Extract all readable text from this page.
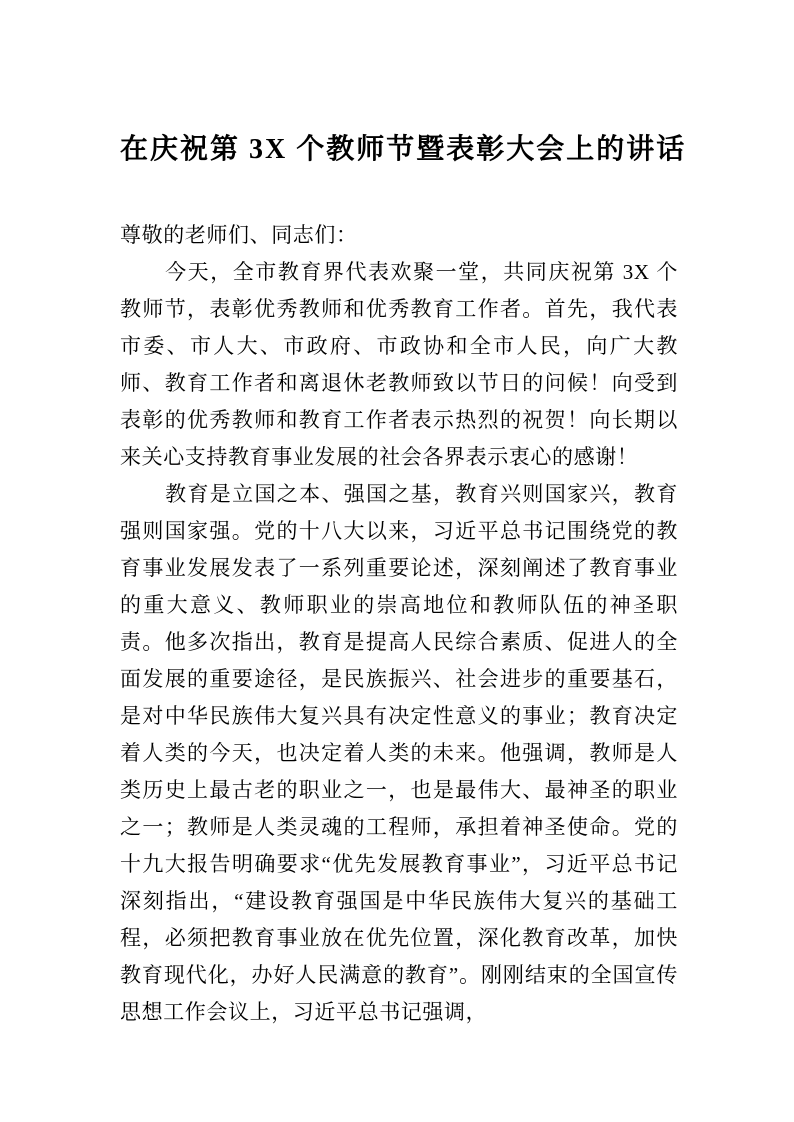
在庆祝第 3X 个教师节暨表彰大会上的讲话

尊敬的老师们、同志们：

今天，全市教育界代表欢聚一堂，共同庆祝第 3X 个教师节，表彰优秀教师和优秀教育工作者。首先，我代表市委、市人大、市政府、市政协和全市人民，向广大教师、教育工作者和离退休老教师致以节日的问候！向受到表彰的优秀教师和教育工作者表示热烈的祝贺！向长期以来关心支持教育事业发展的社会各界表示衷心的感谢！

教育是立国之本、强国之基，教育兴则国家兴，教育强则国家强。党的十八大以来，习近平总书记围绕党的教育事业发展发表了一系列重要论述，深刻阐述了教育事业的重大意义、教师职业的崇高地位和教师队伍的神圣职责。他多次指出，教育是提高人民综合素质、促进人的全面发展的重要途径，是民族振兴、社会进步的重要基石，是对中华民族伟大复兴具有决定性意义的事业；教育决定着人类的今天，也决定着人类的未来。他强调，教师是人类历史上最古老的职业之一，也是最伟大、最神圣的职业之一；教师是人类灵魂的工程师，承担着神圣使命。党的十九大报告明确要求“优先发展教育事业”，习近平总书记深刻指出，“建设教育强国是中华民族伟大复兴的基础工程，必须把教育事业放在优先位置，深化教育改革，加快教育现代化，办好人民满意的教育”。刚刚结束的全国宣传思想工作会议上，习近平总书记强调，
